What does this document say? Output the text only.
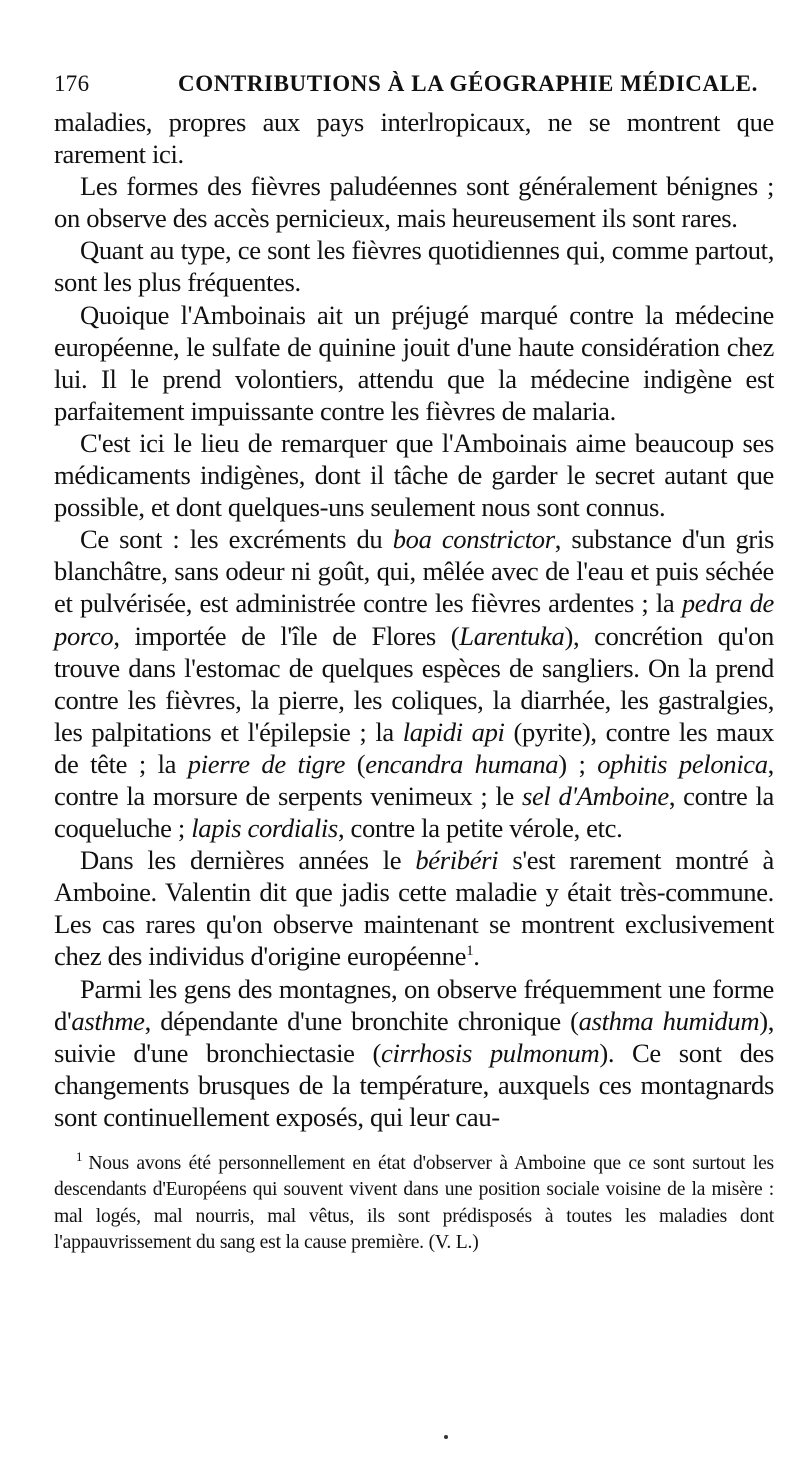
176	CONTRIBUTIONS À LA GÉOGRAPHIE MÉDICALE.

maladies, propres aux pays interlropicaux, ne se montrent que rarement ici.

Les formes des fièvres paludéennes sont généralement bénignes ; on observe des accès pernicieux, mais heureusement ils sont rares.

Quant au type, ce sont les fièvres quotidiennes qui, comme partout, sont les plus fréquentes.

Quoique l'Amboinais ait un préjugé marqué contre la médecine européenne, le sulfate de quinine jouit d'une haute considération chez lui. Il le prend volontiers, attendu que la médecine indigène est parfaitement impuissante contre les fièvres de malaria.

C'est ici le lieu de remarquer que l'Amboinais aime beaucoup ses médicaments indigènes, dont il tâche de garder le secret autant que possible, et dont quelques-uns seulement nous sont connus.

Ce sont : les excréments du boa constrictor, substance d'un gris blanchâtre, sans odeur ni goût, qui, mêlée avec de l'eau et puis séchée et pulvérisée, est administrée contre les fièvres ardentes ; la pedra de porco, importée de l'île de Flores (Larentuka), concrétion qu'on trouve dans l'estomac de quelques espèces de sangliers. On la prend contre les fièvres, la pierre, les coliques, la diarrhée, les gastralgies, les palpitations et l'épilepsie ; la lapidi api (pyrite), contre les maux de tête ; la pierre de tigre (encandra humana) ; ophitis pelonica, contre la morsure de serpents venimeux ; le sel d'Amboine, contre la coqueluche ; lapis cordialis, contre la petite vérole, etc.

Dans les dernières années le béribéri s'est rarement montré à Amboine. Valentin dit que jadis cette maladie y était très-commune. Les cas rares qu'on observe maintenant se montrent exclusivement chez des individus d'origine européenne$^1$.

Parmi les gens des montagnes, on observe fréquemment une forme d'asthme, dépendante d'une bronchite chronique (asthma humidum), suivie d'une bronchiectasie (cirrhosis pulmonum). Ce sont des changements brusques de la température, auxquels ces montagnards sont continuellement exposés, qui leur cau-

$^1$ Nous avons été personnellement en état d'observer à Amboine que ce sont surtout les descendants d'Européens qui souvent vivent dans une position sociale voisine de la misère : mal logés, mal nourris, mal vêtus, ils sont prédisposés à toutes les maladies dont l'appauvrissement du sang est la cause première. (V. L.)
